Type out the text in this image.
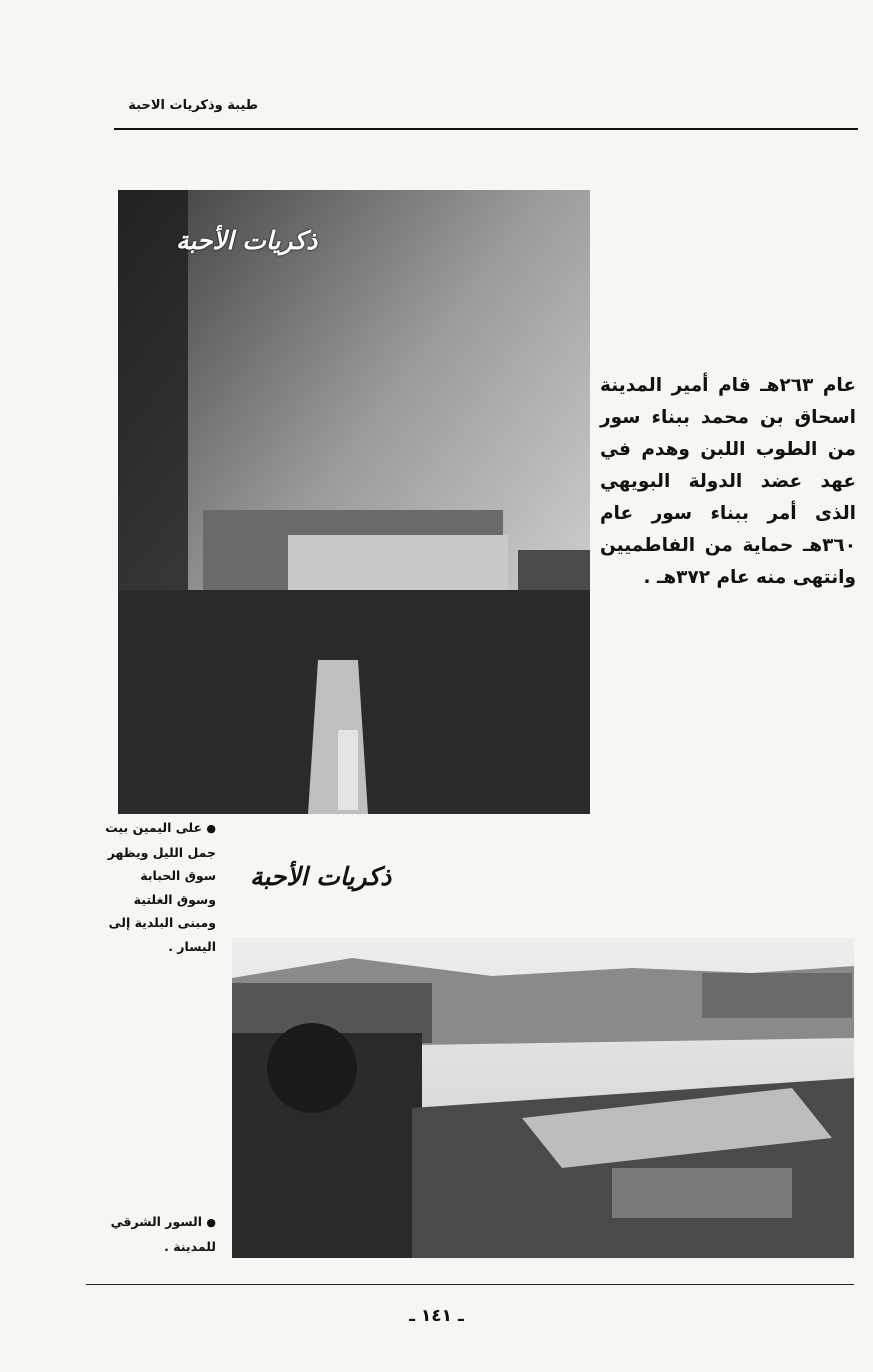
طيبة وذكريات الاحبة
ذكريات الأحبة
عام ٢٦٣هـ قام أمير المدينة اسحاق بن محمد ببناء سور من الطوب اللبن وهدم في عهد عضد الدولة البويهي الذى أمر ببناء سور عام ٣٦٠هـ حماية من الفاطميين وانتهى منه عام ٣٧٢هـ .
● على اليمين بيت جمل الليل ويظهر سوق الحبابة وسوق الغلتية ومبنى البلدية إلى اليسار .
ذكريات الأحبة
● السور الشرقي للمدينة .
ـ ١٤١ ـ
